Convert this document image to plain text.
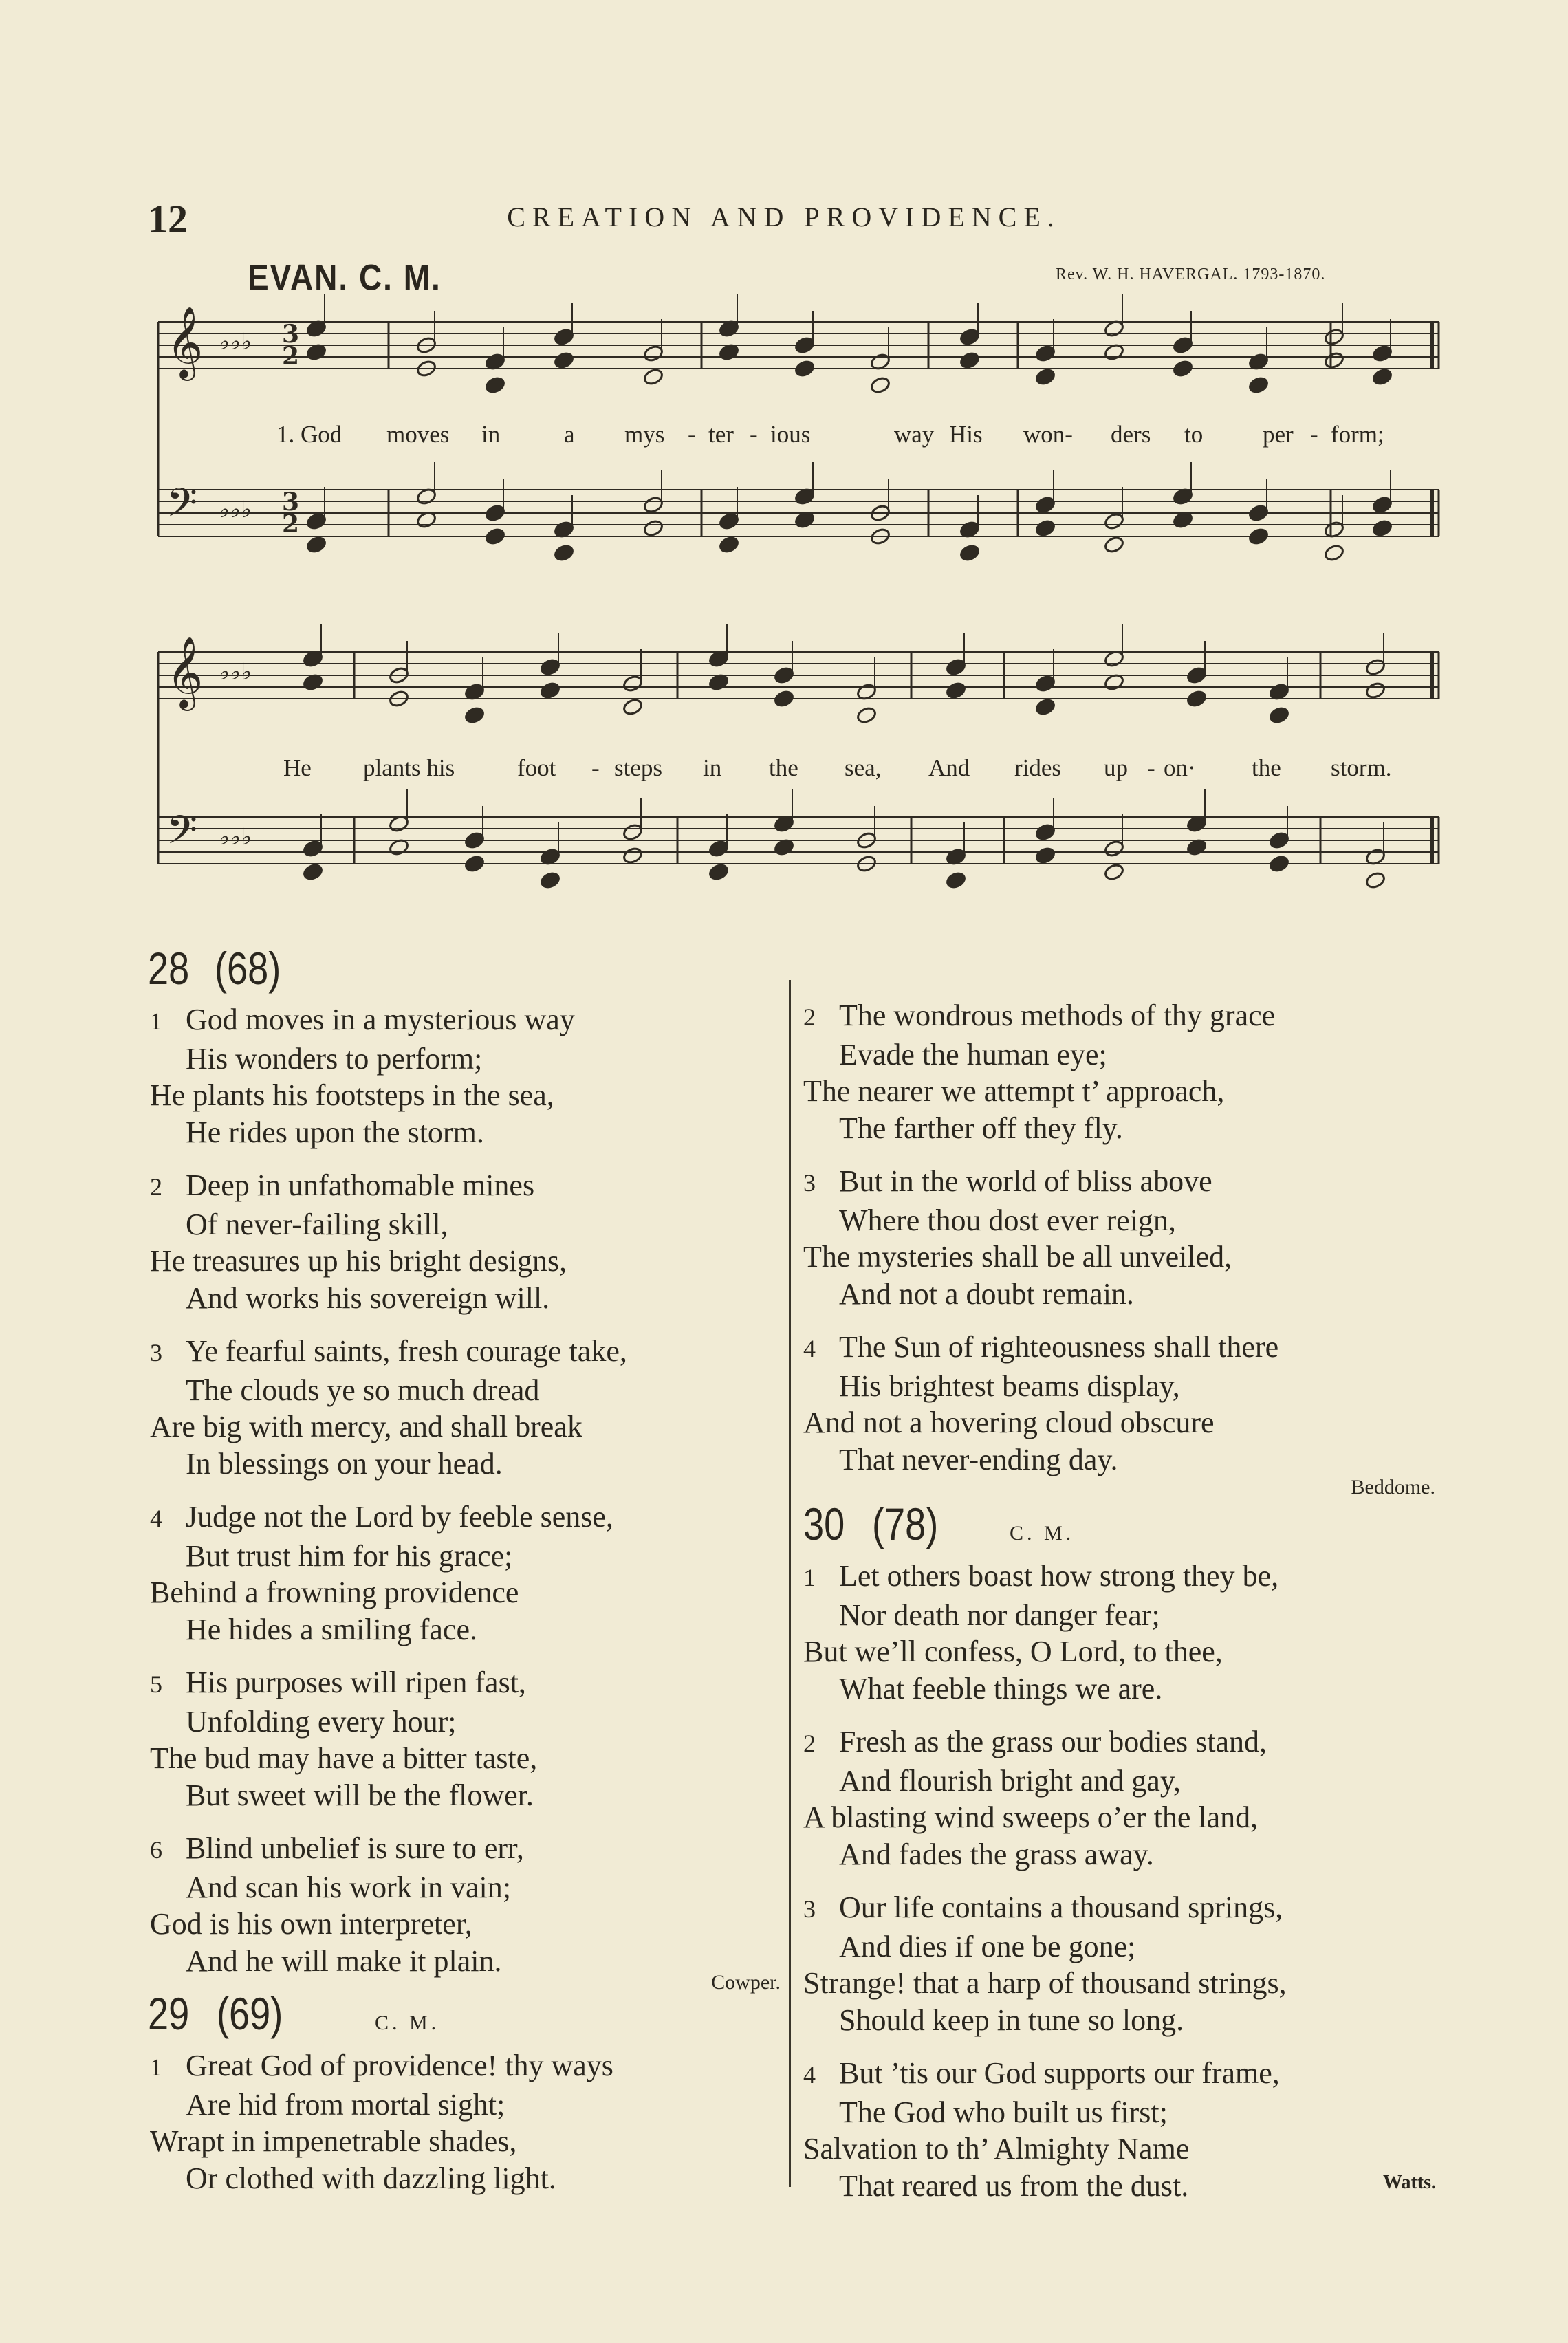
12	CREATION AND PROVIDENCE.
EVAN. C. M.	Rev. W. H. HAVERGAL. 1793-1870.
𝄞 ♭♭♭ 3
2
𝄢 ♭♭♭ 3
2
𝄞 ♭♭♭
𝄢 ♭♭♭
1. God moves in	a mys - ter - ious	way His won- ders to per - form;
He plants his	foot - steps in the sea, And rides up - on· the storm.
28 (68)
1 God moves in a mysterious way
His wonders to perform;
He plants his footsteps in the sea,
He rides upon the storm.
2 Deep in unfathomable mines
Of never-failing skill,
He treasures up his bright designs,
And works his sovereign will.
3 Ye fearful saints, fresh courage take,
The clouds ye so much dread
Are big with mercy, and shall break
In blessings on your head.
4 Judge not the Lord by feeble sense,
But trust him for his grace;
Behind a frowning providence
He hides a smiling face.
5 His purposes will ripen fast,
Unfolding every hour;
The bud may have a bitter taste,
But sweet will be the flower.
6 Blind unbelief is sure to err,
And scan his work in vain;
God is his own interpreter,
And he will make it plain.
Cowper.
29 (69)	C. M.
1 Great God of providence! thy ways
Are hid from mortal sight;
Wrapt in impenetrable shades,
Or clothed with dazzling light.
2 The wondrous methods of thy grace
Evade the human eye;
The nearer we attempt t’ approach,
The farther off they fly.
3 But in the world of bliss above
Where thou dost ever reign,
The mysteries shall be all unveiled,
And not a doubt remain.
4 The Sun of righteousness shall there
His brightest beams display,
And not a hovering cloud obscure
That never-ending day.
Beddome.
30 (78)	C. M.
1 Let others boast how strong they be,
Nor death nor danger fear;
But we’ll confess, O Lord, to thee,
What feeble things we are.
2 Fresh as the grass our bodies stand,
And flourish bright and gay,
A blasting wind sweeps o’er the land,
And fades the grass away.
3 Our life contains a thousand springs,
And dies if one be gone;
Strange! that a harp of thousand strings,
Should keep in tune so long.
4 But ’tis our God supports our frame,
The God who built us first;
Salvation to th’ Almighty Name
That reared us from the dust.	Watts.
